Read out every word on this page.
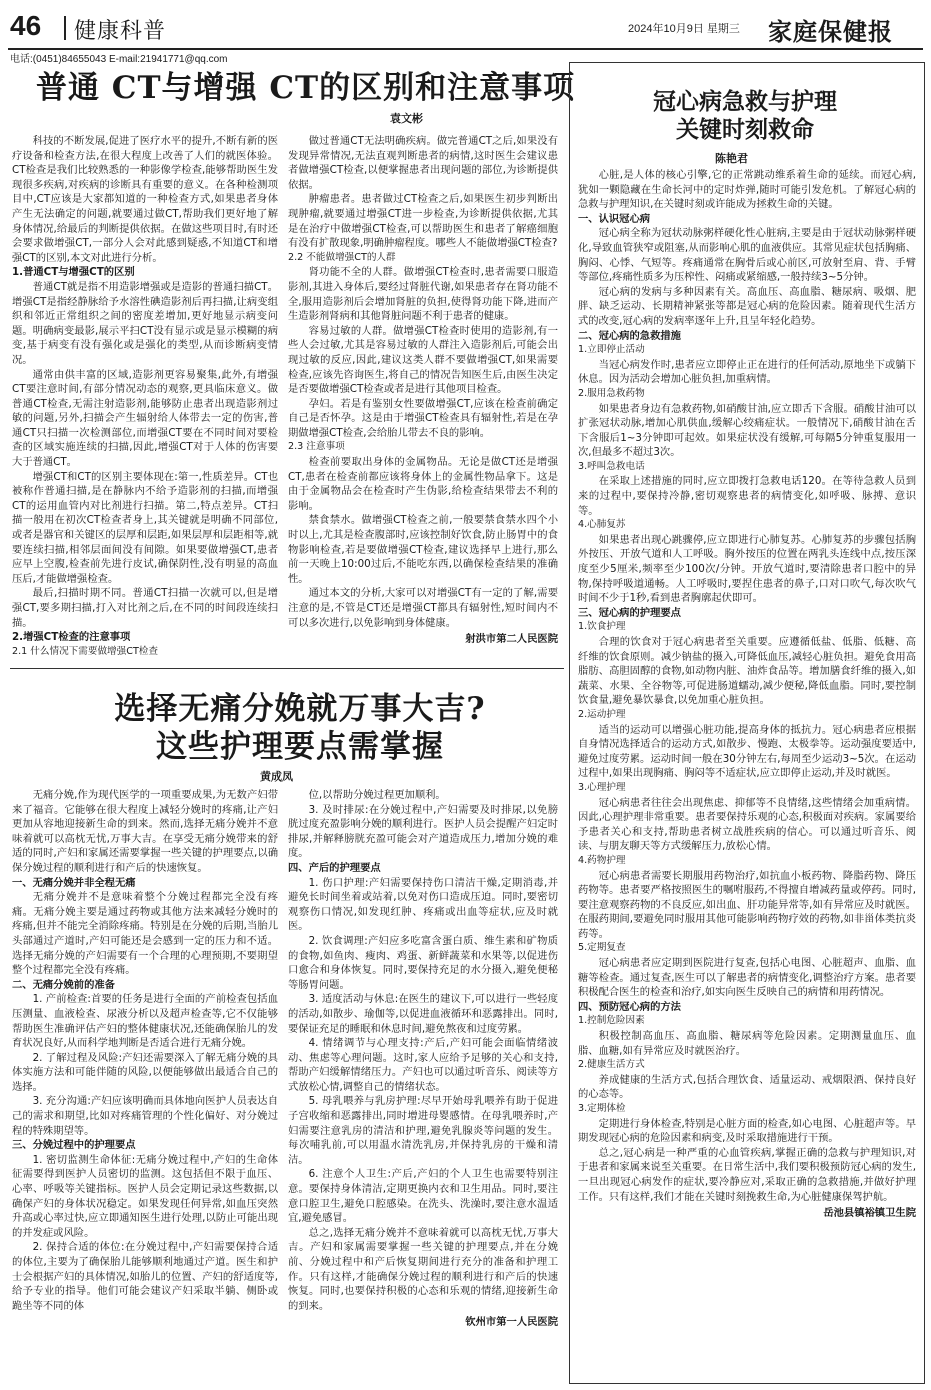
46 健康科普	2024年10月9日 星期三 家庭保健报
电话:(0451)84655043 E-mail:21941771@qq.com
普通 CT与增强 CT的区别和注意事项
袁文彬

科技的不断发展,促进了医疗水平的提升,不断有新的医疗设备和检查方法,在很大程度上改善了人们的就医体验。CT检查是我们比较熟悉的一种影像学检查,能够帮助医生发现很多疾病,对疾病的诊断具有重要的意义。在各种检测项目中,CT应该是大家都知道的一种检查方式,如果患者身体产生无法确定的问题,就要通过做CT,帮助我们更好地了解身体情况,给最后的判断提供依据。在做这些项目时,有时还会要求做增强CT,一部分人会对此感到疑惑,不知道CT和增强CT的区别,本文对此进行分析。

1.普通CT与增强CT的区别

普通CT就是指不用造影增强或是造影的普通扫描CT。增强CT是指经静脉给予水溶性碘造影剂后再扫描,让病变组织和邻近正常组织之间的密度差增加,更好地显示病变问题。明确病变最影,展示平扫CT没有显示或是显示模糊的病变,基于病变有没有强化或是强化的类型,从而诊断病变情况。

通常由供丰富的区域,造影剂更容易聚集,此外,有增强CT要注意时间,有部分情况动态的观察,更具临床意义。做普通CT检查,无需注射造影剂,能够防止患者出现造影剂过敏的问题,另外,扫描会产生辐射给人体带去一定的伤害,普通CT只扫描一次检测部位,而增强CT要在不同时间对要检查的区域实施连续的扫描,因此,增强CT对于人体的伤害要大于普通CT。

增强CT和CT的区别主要体现在:第一,性质差异。CT也被称作普通扫描,是在静脉内不给予造影剂的扫描,而增强CT的运用血管内对比剂进行扫描。第二,特点差异。CT扫描一般用在初次CT检查者身上,其关键就是明确不同部位,或者是器官和关键区的层厚和层距,如果层厚和层距相等,就要连续扫描,相邻层面间没有间隙。如果要做增强CT,患者应早上空腹,检查前先进行皮试,确保阴性,没有明显的高血压后,才能做增强检查。

最后,扫描时期不同。普通CT扫描一次就可以,但是增强CT,要多期扫描,打入对比剂之后,在不同的时间段连续扫描。

2.增强CT检查的注意事项

2.1 什么情况下需要做增强CT检查

做过普通CT无法明确疾病。做完普通CT之后,如果没有发现异常情况,无法直观判断患者的病情,这时医生会建议患者做增强CT检查,以便掌握患者出现问题的部位,为诊断提供依据。

肿瘤患者。患者做过CT检查之后,如果医生初步判断出现肿瘤,就要通过增强CT进一步检查,为诊断提供依据,尤其是在治疗中做增强CT检查,可以帮助医生和患者了解癌细胞有没有扩散现象,明确肿瘤程度。哪些人不能做增强CT检查?

2.2 不能做增强CT的人群

肾功能不全的人群。做增强CT检查时,患者需要口服造影剂,其进入身体后,要经过肾脏代谢,如果患者存在肾功能不全,服用造影剂后会增加肾脏的负担,使得肾功能下降,进而产生造影剂肾病和其他肾脏问题不利于患者的健康。

容易过敏的人群。做增强CT检查时使用的造影剂,有一些人会过敏,尤其是容易过敏的人群注入造影剂后,可能会出现过敏的反应,因此,建议这类人群不要做增强CT,如果需要检查,应该先咨询医生,将自己的情况告知医生后,由医生决定是否要做增强CT检查或者是进行其他项目检查。

孕妇。若是有鉴别女性要做增强CT,应该在检查前确定自己是否怀孕。这是由于增强CT检查具有辐射性,若是在孕期做增强CT检查,会给胎儿带去不良的影响。

2.3 注意事项

检查前要取出身体的金属物品。无论是做CT还是增强CT,患者在检查前都应该将身体上的金属性物品拿下。这是由于金属物品会在检查时产生伪影,给检查结果带去不利的影响。

禁食禁水。做增强CT检查之前,一般要禁食禁水四个小时以上,尤其是检查腹部时,应该控制好饮食,防止肠胃中的食物影响检查,若是要做增强CT检查,建议选择早上进行,那么前一天晚上10:00过后,不能吃东西,以确保检查结果的准确性。

通过本文的分析,大家可以对增强CT有一定的了解,需要注意的是,不管是CT还是增强CT都具有辐射性,短时间内不可以多次进行,以免影响到身体健康。

射洪市第二人民医院

选择无痛分娩就万事大吉?
这些护理要点需掌握
黄成凤

无痛分娩,作为现代医学的一项重要成果,为无数产妇带来了福音。它能够在很大程度上减轻分娩时的疼痛,让产妇更加从容地迎接新生命的到来。然而,选择无痛分娩并不意味着就可以高枕无忧,万事大吉。在享受无痛分娩带来的舒适的同时,产妇和家属还需要掌握一些关键的护理要点,以确保分娩过程的顺利进行和产后的快速恢复。

一、无痛分娩并非全程无痛

无痛分娩并不是意味着整个分娩过程都完全没有疼痛。无痛分娩主要是通过药物或其他方法来减轻分娩时的疼痛,但并不能完全消除疼痛。特别是在分娩的后期,当胎儿头部通过产道时,产妇可能还是会感到一定的压力和不适。选择无痛分娩的产妇需要有一个合理的心理预期,不要期望整个过程都完全没有疼痛。

二、无痛分娩前的准备

1. 产前检查:首要的任务是进行全面的产前检查包括血压测量、血液检查、尿液分析以及超声检查等,它不仅能够帮助医生准确评估产妇的整体健康状况,还能确保胎儿的发育状况良好,从而科学地判断是否适合进行无痛分娩。

2. 了解过程及风险:产妇还需要深入了解无痛分娩的具体实施方法和可能伴随的风险,以便能够做出最适合自己的选择。

3. 充分沟通:产妇应该明确而具体地向医护人员表达自己的需求和期望,比如对疼痛管理的个性化偏好、对分娩过程的特殊期望等。

三、分娩过程中的护理要点

1. 密切监测生命体征:无痛分娩过程中,产妇的生命体征需要得到医护人员密切的监测。这包括但不限于血压、心率、呼吸等关键指标。医护人员会定期记录这些数据,以确保产妇的身体状况稳定。如果发现任何异常,如血压突然升高或心率过快,应立即通知医生进行处理,以防止可能出现的并发症或风险。

2. 保持合适的体位:在分娩过程中,产妇需要保持合适的体位,主要为了确保胎儿能够顺利地通过产道。医生和护士会根据产妇的具体情况,如胎儿的位置、产妇的舒适度等,给予专业的指导。他们可能会建议产妇采取半躺、侧卧或跪坐等不同的体

位,以帮助分娩过程更加顺利。

3. 及时排尿:在分娩过程中,产妇需要及时排尿,以免膀胱过度充盈影响分娩的顺利进行。医护人员会提醒产妇定时排尿,并解释膀胱充盈可能会对产道造成压力,增加分娩的难度。

四、产后的护理要点

1. 伤口护理:产妇需要保持伤口清洁干燥,定期消毒,并避免长时间坐着或站着,以免对伤口造成压迫。同时,要密切观察伤口情况,如发现红肿、疼痛或出血等症状,应及时就医。

2. 饮食调理:产妇应多吃富含蛋白质、维生素和矿物质的食物,如鱼肉、瘦肉、鸡蛋、新鲜蔬菜和水果等,以促进伤口愈合和身体恢复。同时,要保持充足的水分摄入,避免便秘等肠胃问题。

3. 适度活动与休息:在医生的建议下,可以进行一些轻度的活动,如散步、瑜伽等,以促进血液循环和恶露排出。同时,要保证充足的睡眠和休息时间,避免熬夜和过度劳累。

4. 情绪调节与心理支持:产后,产妇可能会面临情绪波动、焦虑等心理问题。这时,家人应给予足够的关心和支持,帮助产妇缓解情绪压力。产妇也可以通过听音乐、阅读等方式放松心情,调整自己的情绪状态。

5. 母乳喂养与乳房护理:尽早开始母乳喂养有助于促进子宫收缩和恶露排出,同时增进母婴感情。在母乳喂养时,产妇需要注意乳房的清洁和护理,避免乳腺炎等问题的发生。每次哺乳前,可以用温水清洗乳房,并保持乳房的干燥和清洁。

6. 注意个人卫生:产后,产妇的个人卫生也需要特别注意。要保持身体清洁,定期更换内衣和卫生用品。同时,要注意口腔卫生,避免口腔感染。在洗头、洗澡时,要注意水温适宜,避免感冒。

总之,选择无痛分娩并不意味着就可以高枕无忧,万事大吉。产妇和家属需要掌握一些关键的护理要点,并在分娩前、分娩过程中和产后恢复期间进行充分的准备和护理工作。只有这样,才能确保分娩过程的顺利进行和产后的快速恢复。同时,也要保持积极的心态和乐观的情绪,迎接新生命的到来。

钦州市第一人民医院

冠心病急救与护理
关键时刻救命
陈艳君

心脏,是人体的核心引擎,它的正常跳动维系着生命的延续。而冠心病,犹如一颗隐藏在生命长河中的定时炸弹,随时可能引发危机。了解冠心病的急救与护理知识,在关键时刻或许能成为拯救生命的关键。

一、认识冠心病

冠心病全称为冠状动脉粥样硬化性心脏病,主要是由于冠状动脉粥样硬化,导致血管狭窄或阻塞,从而影响心肌的血液供应。其常见症状包括胸痛、胸闷、心悸、气短等。疼痛通常在胸骨后或心前区,可放射至肩、背、手臂等部位,疼痛性质多为压榨性、闷痛或紧缩感,一般持续3~5分钟。

冠心病的发病与多种因素有关。高血压、高血脂、糖尿病、吸烟、肥胖、缺乏运动、长期精神紧张等都是冠心病的危险因素。随着现代生活方式的改变,冠心病的发病率逐年上升,且呈年轻化趋势。

二、冠心病的急救措施

1.立即停止活动

当冠心病发作时,患者应立即停止正在进行的任何活动,原地坐下或躺下休息。因为活动会增加心脏负担,加重病情。

2.服用急救药物

如果患者身边有急救药物,如硝酸甘油,应立即舌下含服。硝酸甘油可以扩张冠状动脉,增加心肌供血,缓解心绞痛症状。一般情况下,硝酸甘油在舌下含服后1~3分钟即可起效。如果症状没有缓解,可每隔5分钟重复服用一次,但最多不超过3次。

3.呼叫急救电话

在采取上述措施的同时,应立即拨打急救电话120。在等待急救人员到来的过程中,要保持冷静,密切观察患者的病情变化,如呼吸、脉搏、意识等。

4.心肺复苏

如果患者出现心跳骤停,应立即进行心肺复苏。心肺复苏的步骤包括胸外按压、开放气道和人工呼吸。胸外按压的位置在两乳头连线中点,按压深度至少5厘米,频率至少100次/分钟。开放气道时,要清除患者口腔中的异物,保持呼吸道通畅。人工呼吸时,要捏住患者的鼻子,口对口吹气,每次吹气时间不少于1秒,看到患者胸廓起伏即可。

三、冠心病的护理要点

1.饮食护理

合理的饮食对于冠心病患者至关重要。应遵循低盐、低脂、低糖、高纤维的饮食原则。减少钠盐的摄入,可降低血压,减轻心脏负担。避免食用高脂肪、高胆固醇的食物,如动物内脏、油炸食品等。增加膳食纤维的摄入,如蔬菜、水果、全谷物等,可促进肠道蠕动,减少便秘,降低血脂。同时,要控制饮食量,避免暴饮暴食,以免加重心脏负担。

2.运动护理

适当的运动可以增强心脏功能,提高身体的抵抗力。冠心病患者应根据自身情况选择适合的运动方式,如散步、慢跑、太极拳等。运动强度要适中,避免过度劳累。运动时间一般在30分钟左右,每周至少运动3~5次。在运动过程中,如果出现胸痛、胸闷等不适症状,应立即停止运动,并及时就医。

3.心理护理

冠心病患者往往会出现焦虑、抑郁等不良情绪,这些情绪会加重病情。因此,心理护理非常重要。患者要保持乐观的心态,积极面对疾病。家属要给予患者关心和支持,帮助患者树立战胜疾病的信心。可以通过听音乐、阅读、与朋友聊天等方式缓解压力,放松心情。

4.药物护理

冠心病患者需要长期服用药物治疗,如抗血小板药物、降脂药物、降压药物等。患者要严格按照医生的嘱咐服药,不得擅自增减药量或停药。同时,要注意观察药物的不良反应,如出血、肝功能异常等,如有异常应及时就医。在服药期间,要避免同时服用其他可能影响药物疗效的药物,如非甾体类抗炎药等。

5.定期复查

冠心病患者应定期到医院进行复查,包括心电图、心脏超声、血脂、血糖等检查。通过复查,医生可以了解患者的病情变化,调整治疗方案。患者要积极配合医生的检查和治疗,如实向医生反映自己的病情和用药情况。

四、预防冠心病的方法

1.控制危险因素

积极控制高血压、高血脂、糖尿病等危险因素。定期测量血压、血脂、血糖,如有异常应及时就医治疗。

2.健康生活方式

养成健康的生活方式,包括合理饮食、适量运动、戒烟限酒、保持良好的心态等。

3.定期体检

定期进行身体检查,特别是心脏方面的检查,如心电图、心脏超声等。早期发现冠心病的危险因素和病变,及时采取措施进行干预。

总之,冠心病是一种严重的心血管疾病,掌握正确的急救与护理知识,对于患者和家属来说至关重要。在日常生活中,我们要积极预防冠心病的发生,一旦出现冠心病发作的症状,要冷静应对,采取正确的急救措施,并做好护理工作。只有这样,我们才能在关键时刻挽救生命,为心脏健康保驾护航。

岳池县镇裕镇卫生院
